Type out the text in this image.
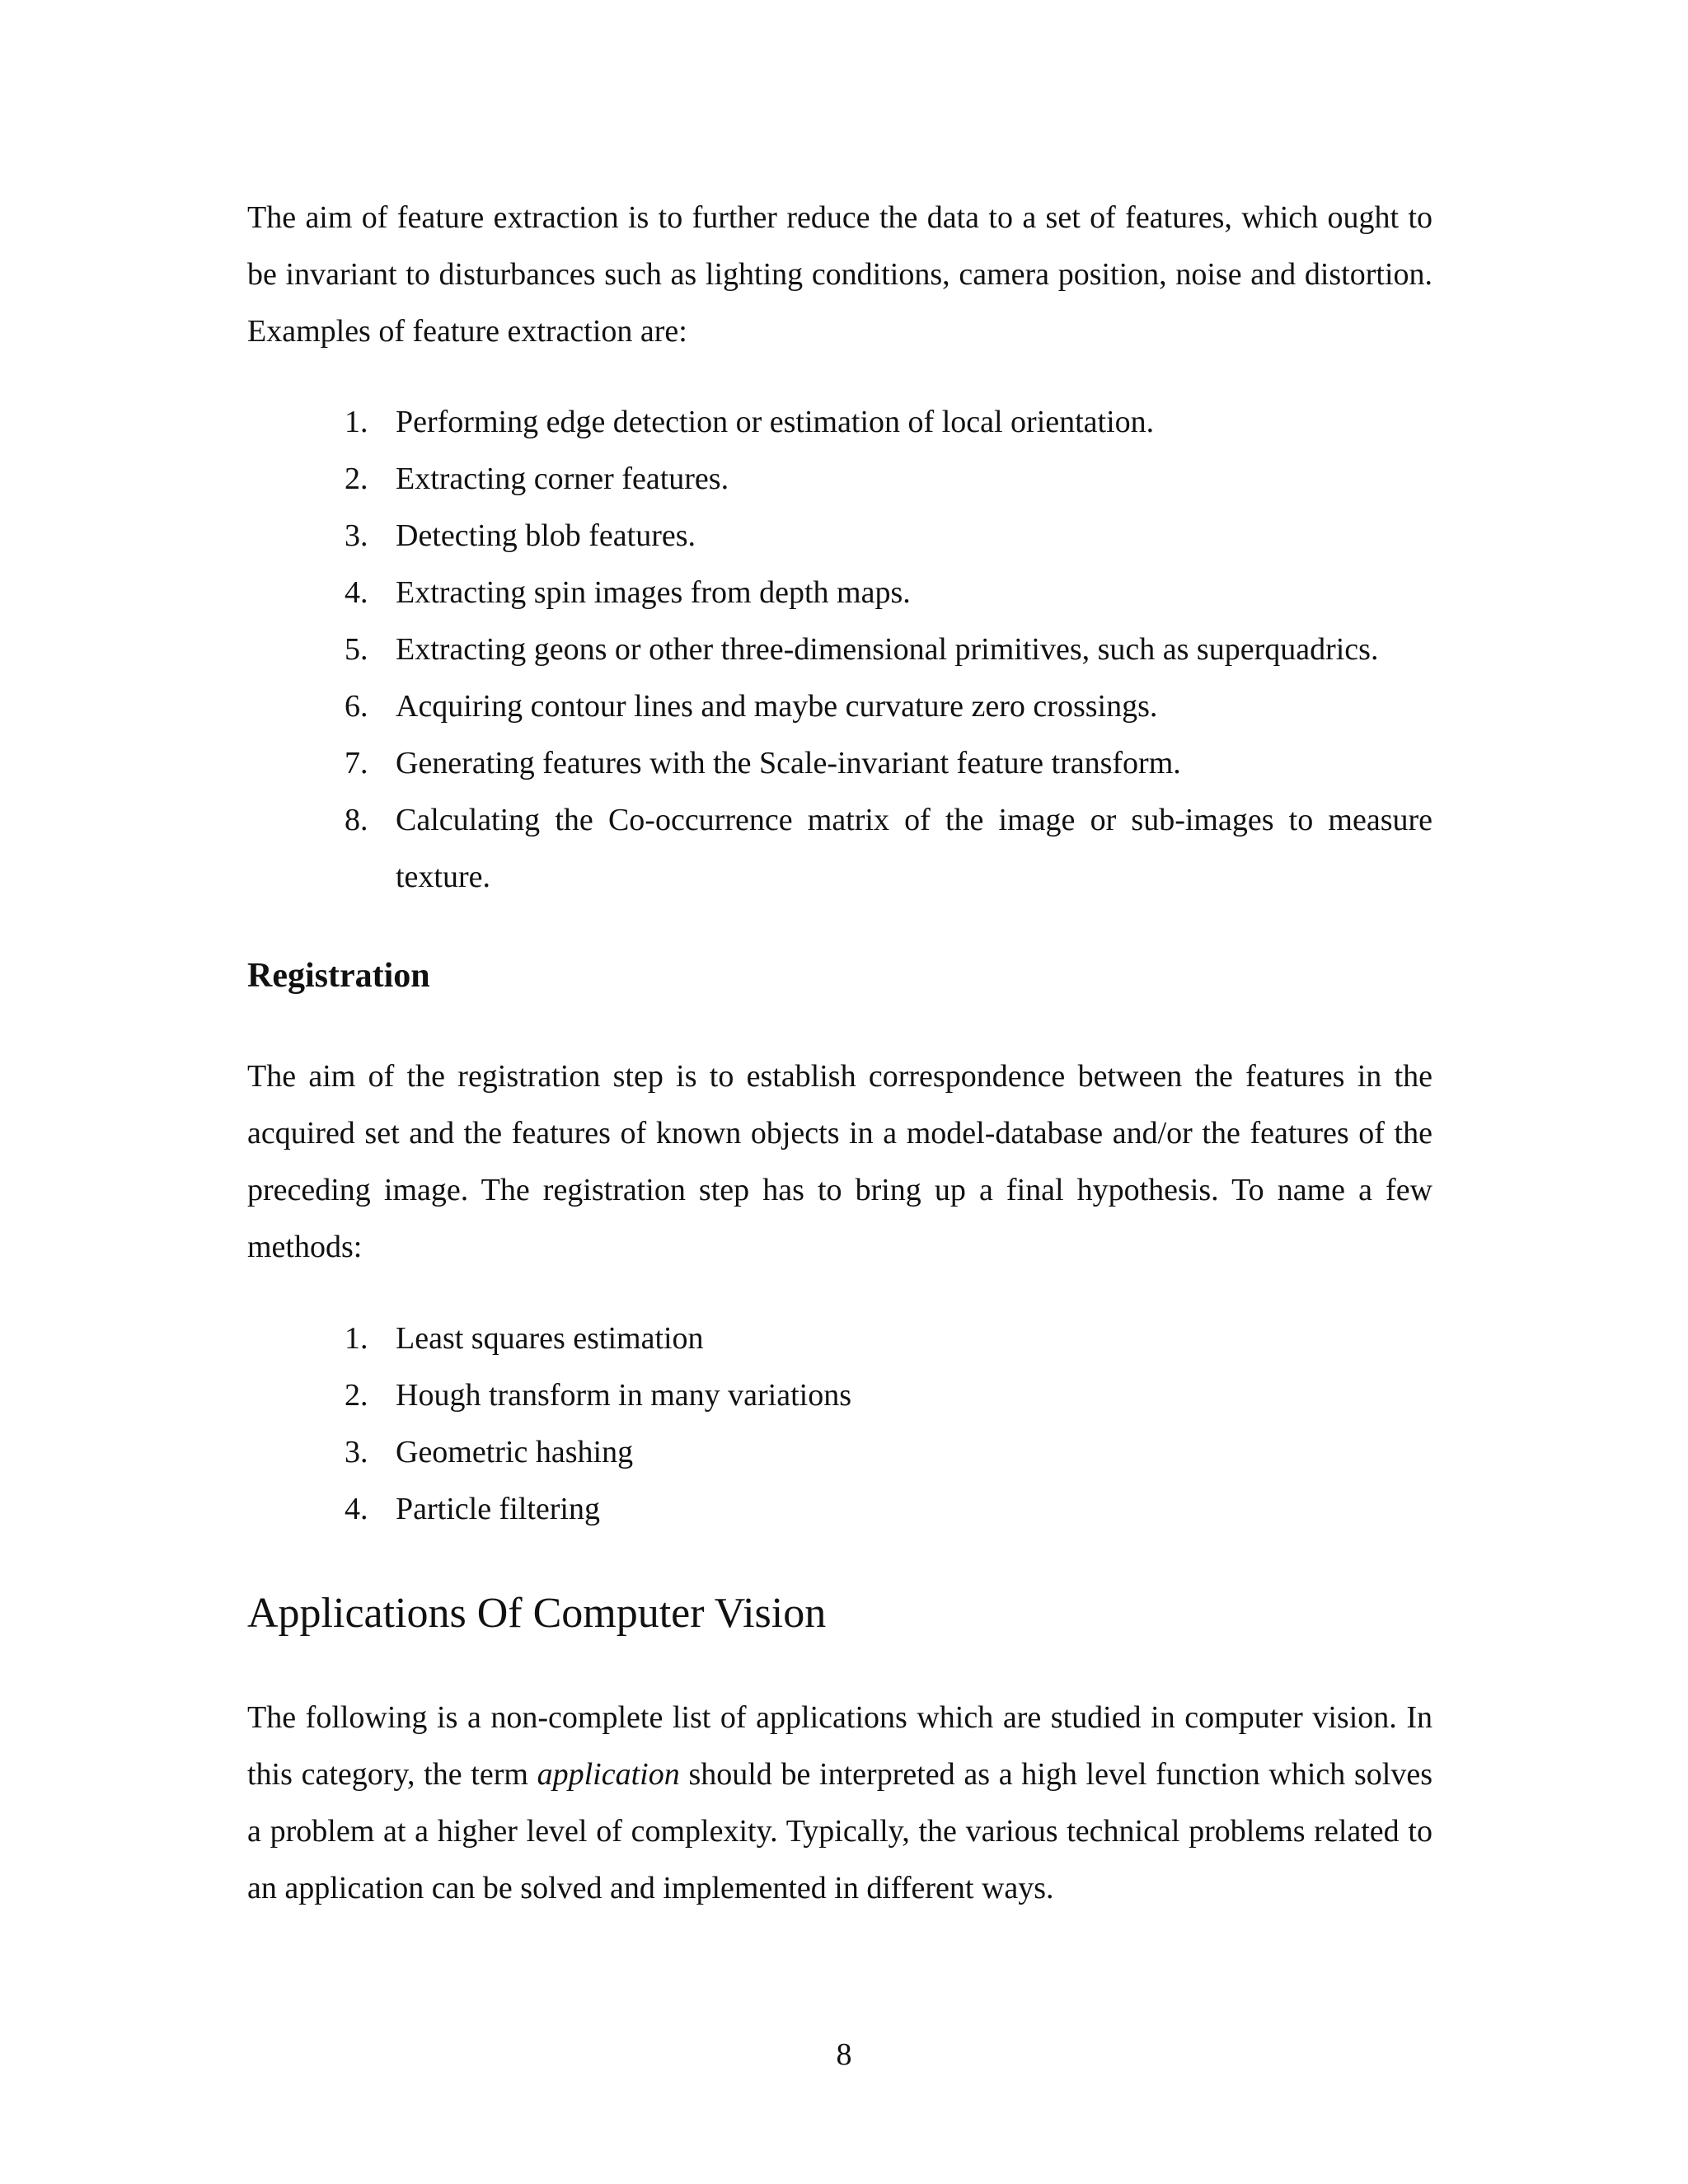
The aim of feature extraction is to further reduce the data to a set of features, which ought to be invariant to disturbances such as lighting conditions, camera position, noise and distortion. Examples of feature extraction are:

1. Performing edge detection or estimation of local orientation.
2. Extracting corner features.
3. Detecting blob features.
4. Extracting spin images from depth maps.
5. Extracting geons or other three-dimensional primitives, such as superquadrics.
6. Acquiring contour lines and maybe curvature zero crossings.
7. Generating features with the Scale-invariant feature transform.
8. Calculating the Co-occurrence matrix of the image or sub-images to measure texture.
Registration

The aim of the registration step is to establish correspondence between the features in the acquired set and the features of known objects in a model-database and/or the features of the preceding image. The registration step has to bring up a final hypothesis. To name a few methods:

1. Least squares estimation
2. Hough transform in many variations
3. Geometric hashing
4. Particle filtering
Applications Of Computer Vision

The following is a non-complete list of applications which are studied in computer vision. In this category, the term application should be interpreted as a high level function which solves a problem at a higher level of complexity. Typically, the various technical problems related to an application can be solved and implemented in different ways.

8
